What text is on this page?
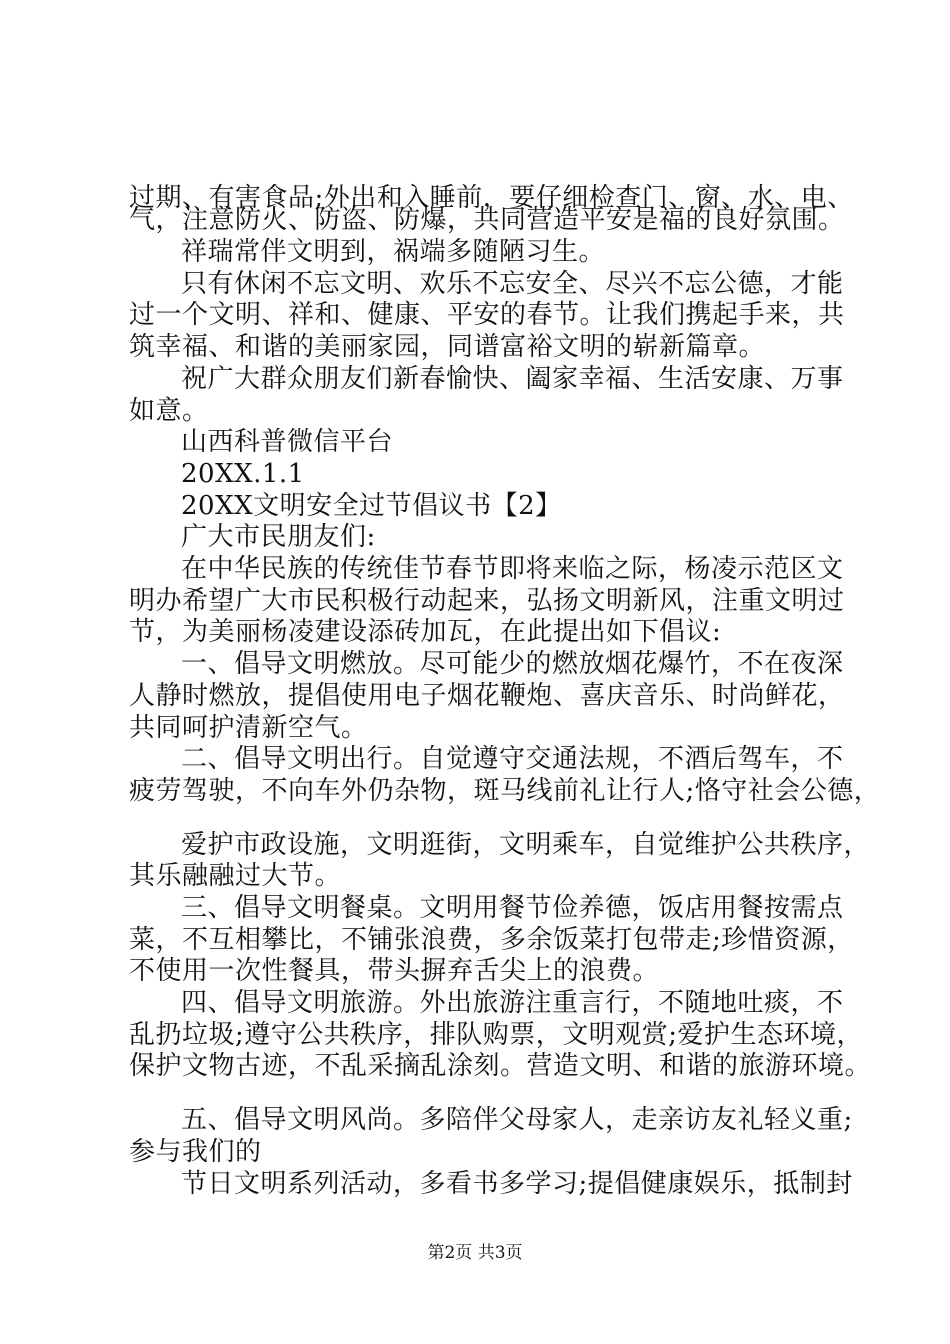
过期、有害食品;外出和入睡前，要仔细检查门、窗、水、电、
气，注意防火、防盗、防爆，共同营造平安是福的良好氛围。
祥瑞常伴文明到，祸端多随陋习生。
只有休闲不忘文明、欢乐不忘安全、尽兴不忘公德，才能
过一个文明、祥和、健康、平安的春节。让我们携起手来，共
筑幸福、和谐的美丽家园，同谱富裕文明的崭新篇章。
祝广大群众朋友们新春愉快、阖家幸福、生活安康、万事
如意。
山西科普微信平台
20XX.1.1
20XX文明安全过节倡议书【2】
广大市民朋友们:
在中华民族的传统佳节春节即将来临之际，杨凌示范区文
明办希望广大市民积极行动起来，弘扬文明新风，注重文明过
节，为美丽杨凌建设添砖加瓦，在此提出如下倡议:
一、倡导文明燃放。尽可能少的燃放烟花爆竹，不在夜深
人静时燃放，提倡使用电子烟花鞭炮、喜庆音乐、时尚鲜花，
共同呵护清新空气。
二、倡导文明出行。自觉遵守交通法规，不酒后驾车，不
疲劳驾驶，不向车外仍杂物，斑马线前礼让行人;恪守社会公德，
爱护市政设施，文明逛街，文明乘车，自觉维护公共秩序，
其乐融融过大节。
三、倡导文明餐桌。文明用餐节俭养德，饭店用餐按需点
菜，不互相攀比，不铺张浪费，多余饭菜打包带走;珍惜资源，
不使用一次性餐具，带头摒弃舌尖上的浪费。
四、倡导文明旅游。外出旅游注重言行，不随地吐痰，不
乱扔垃圾;遵守公共秩序，排队购票，文明观赏;爱护生态环境，
保护文物古迹，不乱采摘乱涂刻。营造文明、和谐的旅游环境。
五、倡导文明风尚。多陪伴父母家人，走亲访友礼轻义重;
参与我们的
节日文明系列活动，多看书多学习;提倡健康娱乐，抵制封
第2页 共3页
